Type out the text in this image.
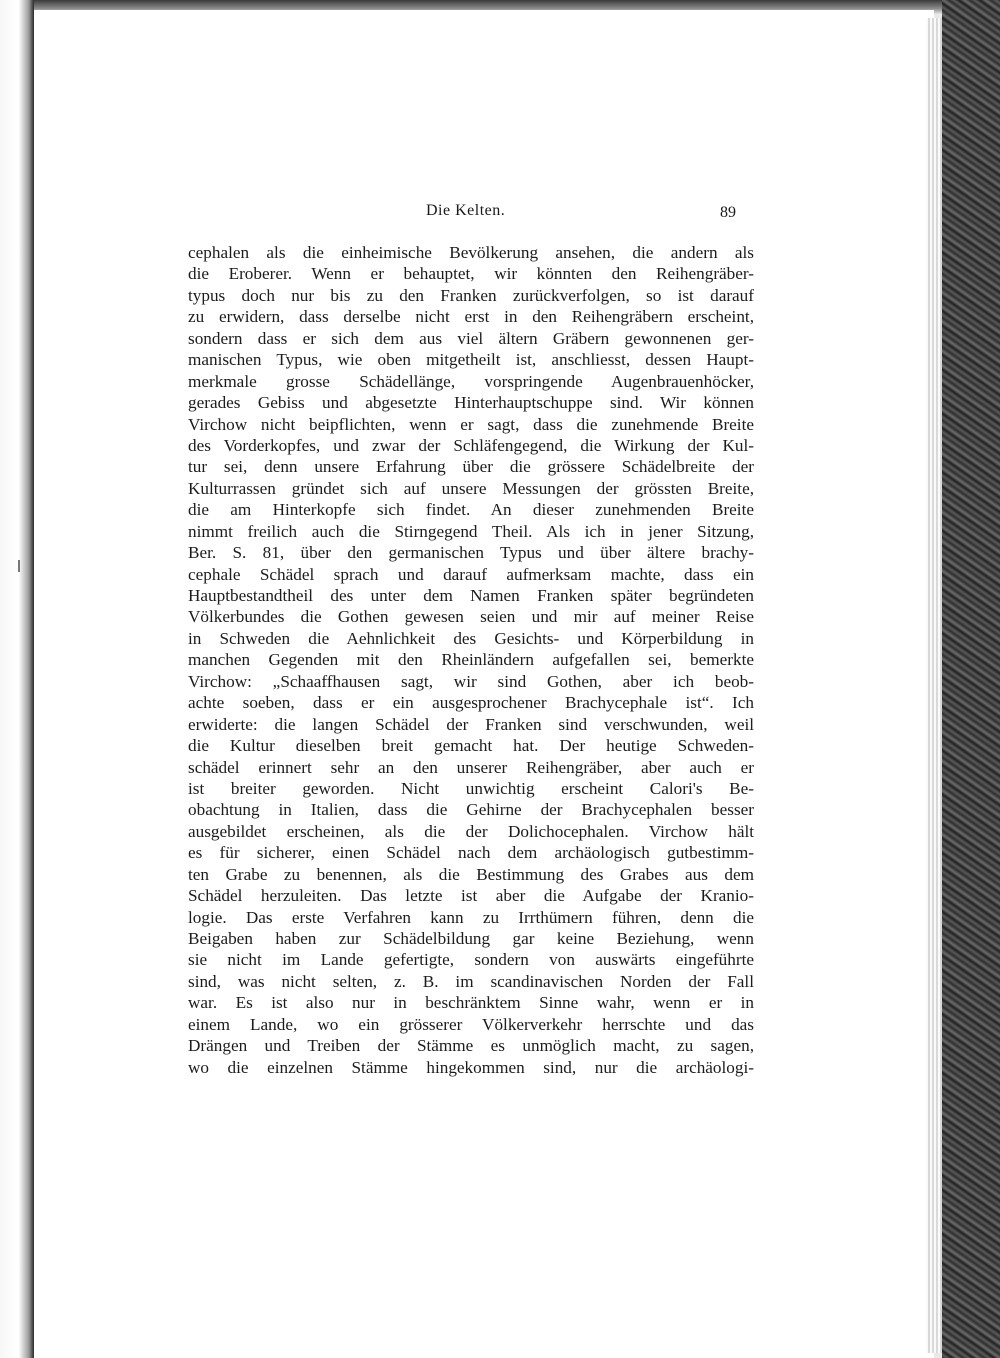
Die Kelten.	89
cephalen als die einheimische Bevölkerung ansehen, die andern als
die Eroberer. Wenn er behauptet, wir könnten den Reihengräber-
typus doch nur bis zu den Franken zurückverfolgen, so ist darauf
zu erwidern, dass derselbe nicht erst in den Reihengräbern erscheint,
sondern dass er sich dem aus viel ältern Gräbern gewonnenen ger-
manischen Typus, wie oben mitgetheilt ist, anschliesst, dessen Haupt-
merkmale grosse Schädellänge, vorspringende Augenbrauenhöcker,
gerades Gebiss und abgesetzte Hinterhauptschuppe sind. Wir können
Virchow nicht beipflichten, wenn er sagt, dass die zunehmende Breite
des Vorderkopfes, und zwar der Schläfengegend, die Wirkung der Kul-
tur sei, denn unsere Erfahrung über die grössere Schädelbreite der
Kulturrassen gründet sich auf unsere Messungen der grössten Breite,
die am Hinterkopfe sich findet. An dieser zunehmenden Breite
nimmt freilich auch die Stirngegend Theil. Als ich in jener Sitzung,
Ber. S. 81, über den germanischen Typus und über ältere brachy-
cephale Schädel sprach und darauf aufmerksam machte, dass ein
Hauptbestandtheil des unter dem Namen Franken später begründeten
Völkerbundes die Gothen gewesen seien und mir auf meiner Reise
in Schweden die Aehnlichkeit des Gesichts- und Körperbildung in
manchen Gegenden mit den Rheinländern aufgefallen sei, bemerkte
Virchow: „Schaaffhausen sagt, wir sind Gothen, aber ich beob-
achte soeben, dass er ein ausgesprochener Brachycephale ist“. Ich
erwiderte: die langen Schädel der Franken sind verschwunden, weil
die Kultur dieselben breit gemacht hat. Der heutige Schweden-
schädel erinnert sehr an den unserer Reihengräber, aber auch er
ist breiter geworden. Nicht unwichtig erscheint Calori's Be-
obachtung in Italien, dass die Gehirne der Brachycephalen besser
ausgebildet erscheinen, als die der Dolichocephalen. Virchow hält
es für sicherer, einen Schädel nach dem archäologisch gutbestimm-
ten Grabe zu benennen, als die Bestimmung des Grabes aus dem
Schädel herzuleiten. Das letzte ist aber die Aufgabe der Kranio-
logie. Das erste Verfahren kann zu Irrthümern führen, denn die
Beigaben haben zur Schädelbildung gar keine Beziehung, wenn
sie nicht im Lande gefertigte, sondern von auswärts eingeführte
sind, was nicht selten, z. B. im scandinavischen Norden der Fall
war. Es ist also nur in beschränktem Sinne wahr, wenn er in
einem Lande, wo ein grösserer Völkerverkehr herrschte und das
Drängen und Treiben der Stämme es unmöglich macht, zu sagen,
wo die einzelnen Stämme hingekommen sind, nur die archäologi-
